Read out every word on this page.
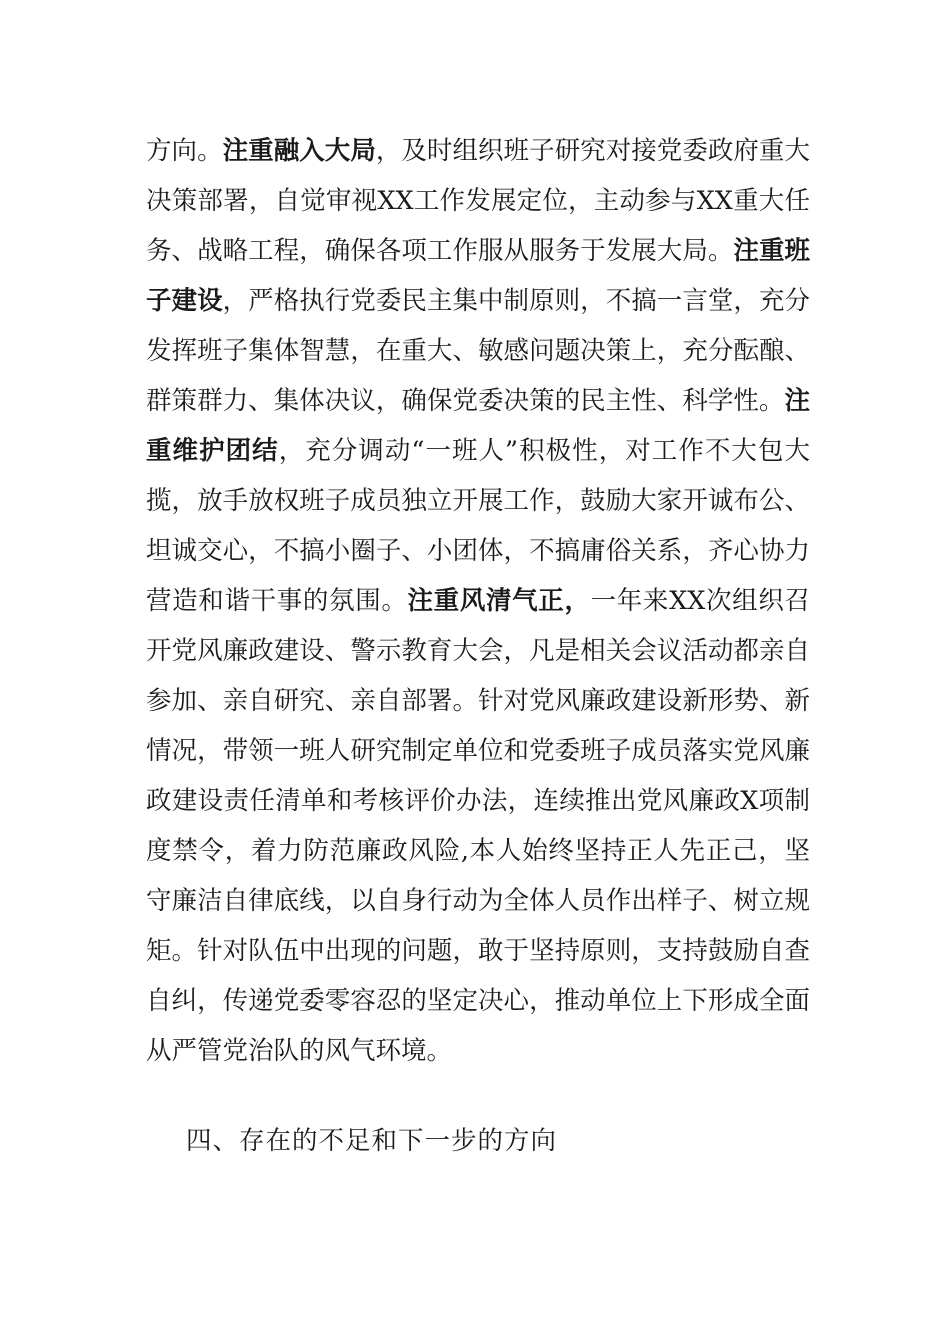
方向。注重融入大局，及时组织班子研究对接党委政府重大
决策部署，自觉审视XX工作发展定位，主动参与XX重大任
务、战略工程，确保各项工作服从服务于发展大局。注重班
子建设，严格执行党委民主集中制原则，不搞一言堂，充分
发挥班子集体智慧，在重大、敏感问题决策上，充分酝酿、
群策群力、集体决议，确保党委决策的民主性、科学性。注
重维护团结，充分调动“一班人”积极性，对工作不大包大
揽，放手放权班子成员独立开展工作，鼓励大家开诚布公、
坦诚交心，不搞小圈子、小团体，不搞庸俗关系，齐心协力
营造和谐干事的氛围。注重风清气正，一年来XX次组织召
开党风廉政建设、警示教育大会，凡是相关会议活动都亲自
参加、亲自研究、亲自部署。针对党风廉政建设新形势、新
情况，带领一班人研究制定单位和党委班子成员落实党风廉
政建设责任清单和考核评价办法，连续推出党风廉政X项制
度禁令，着力防范廉政风险,本人始终坚持正人先正己，坚
守廉洁自律底线，以自身行动为全体人员作出样子、树立规
矩。针对队伍中出现的问题，敢于坚持原则，支持鼓励自查
自纠，传递党委零容忍的坚定决心，推动单位上下形成全面
从严管党治队的风气环境。
四、存在的不足和下一步的方向
